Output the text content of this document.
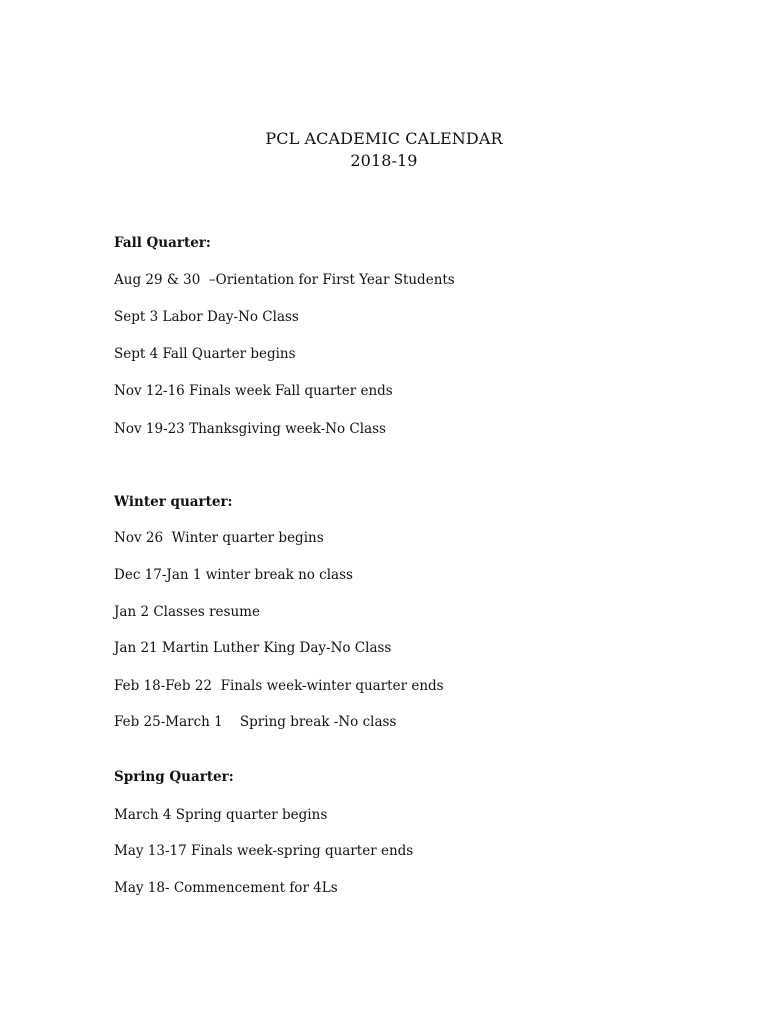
PCL ACADEMIC CALENDAR
2018-19
Fall Quarter:
Aug 29 & 30  –Orientation for First Year Students
Sept 3 Labor Day-No Class
Sept 4 Fall Quarter begins
Nov 12-16 Finals week Fall quarter ends
Nov 19-23 Thanksgiving week-No Class
Winter quarter:
Nov 26  Winter quarter begins
Dec 17-Jan 1 winter break no class
Jan 2 Classes resume
Jan 21 Martin Luther King Day-No Class
Feb 18-Feb 22  Finals week-winter quarter ends
Feb 25-March 1    Spring break -No class
Spring Quarter:
March 4 Spring quarter begins
May 13-17 Finals week-spring quarter ends
May 18- Commencement for 4Ls
